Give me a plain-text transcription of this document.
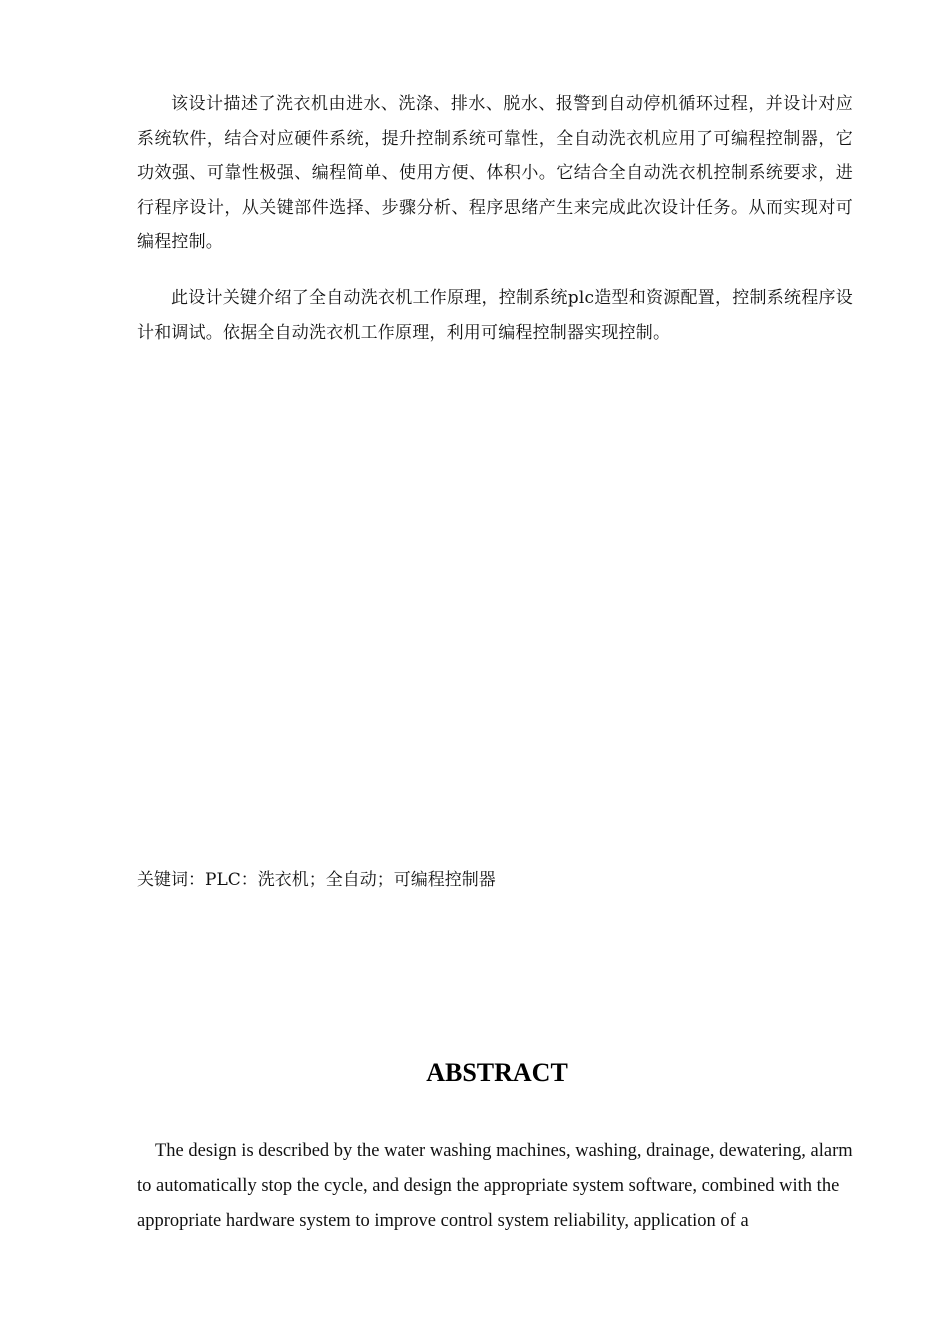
该设计描述了洗衣机由进水、洗涤、排水、脱水、报警到自动停机循环过程，并设计对应系统软件，结合对应硬件系统，提升控制系统可靠性，全自动洗衣机应用了可编程控制器，它功效强、可靠性极强、编程简单、使用方便、体积小。它结合全自动洗衣机控制系统要求，进行程序设计，从关键部件选择、步骤分析、程序思绪产生来完成此次设计任务。从而实现对可编程控制。

此设计关键介绍了全自动洗衣机工作原理，控制系统plc造型和资源配置，控制系统程序设计和调试。依据全自动洗衣机工作原理，利用可编程控制器实现控制。

关键词：PLC：洗衣机；全自动；可编程控制器

ABSTRACT

The design is described by the water washing machines, washing, drainage, dewatering, alarm to automatically stop the cycle, and design the appropriate system software, combined with the appropriate hardware system to improve control system reliability, application of a
